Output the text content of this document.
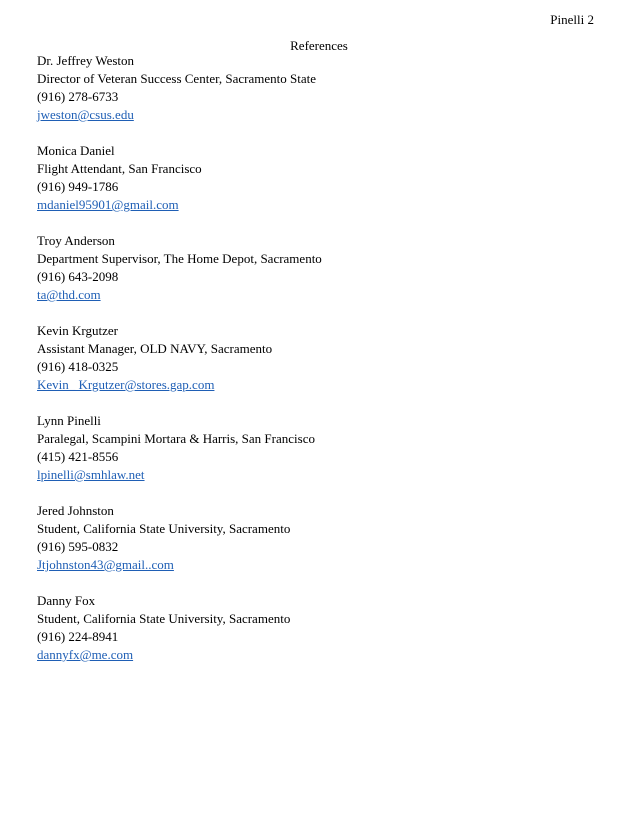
Pinelli 2
References
Dr. Jeffrey Weston
Director of Veteran Success Center, Sacramento State
(916) 278-6733
jweston@csus.edu
Monica Daniel
Flight Attendant, San Francisco
(916) 949-1786
mdaniel95901@gmail.com
Troy Anderson
Department Supervisor, The Home Depot, Sacramento
(916) 643-2098
ta@thd.com
Kevin Krgutzer
Assistant Manager, OLD NAVY, Sacramento
(916) 418-0325
Kevin_ Krgutzer@stores.gap.com
Lynn Pinelli
Paralegal, Scampini Mortara & Harris, San Francisco
(415) 421-8556
lpinelli@smhlaw.net
Jered Johnston
Student, California State University, Sacramento
(916) 595-0832
Jtjohnston43@gmail..com
Danny Fox
Student, California State University, Sacramento
(916) 224-8941
dannyfx@me.com
